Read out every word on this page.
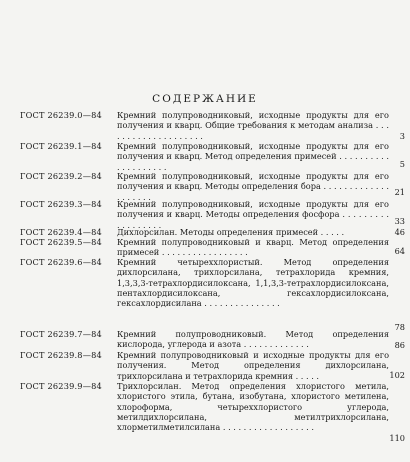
СОДЕРЖАНИЕ
ГОСТ 26239.0—84 Кремний полупроводниковый, исходные продукты для его получения и кварц. Общие требования к методам анализа . . . . . . . . . . . . . . . . . . . .	3
ГОСТ 26239.1—84 Кремний полупроводниковый, исходные продукты для его получения и кварц. Метод определения примесей . . . . . . . . . . . . . . . . . . . .	5
ГОСТ 26239.2—84 Кремний полупроводниковый, исходные продукты для его получения и кварц. Методы определения бора . . . . . . . . . . . . . . . . . . . .	21
ГОСТ 26239.3—84 Кремний полупроводниковый, исходные продукты для его получения и кварц. Методы определения фосфора . . . . . . . . . . . . . . . . . .	33
ГОСТ 26239.4—84 Дихлорсилан. Методы определения примесей . . . . .	46
ГОСТ 26239.5—84 Кремний полупроводниковый и кварц. Метод определения примесей . . . . . . . . . . . . . . . . .	64
ГОСТ 26239.6—84 Кремний четыреххлористый. Метод определения дихлорсилана, трихлорсилана, тетрахлорида кремния, 1,3,3,3-тетрахлордисилоксана, 1,1,3,3-тетрахлордисилоксана, пентахлордисилоксана, гексахлордисилоксана, гексахлордисилана . . . . . . . . . . . . . . .
78
ГОСТ 26239.7—84 Кремний полупроводниковый. Метод определения кислорода, углерода и азота . . . . . . . . . . . . .	86
ГОСТ 26239.8—84 Кремний полупроводниковый и исходные продукты для его получения. Метод определения дихлорсилана, трихлорсилана и тетрахлорида кремния . . . . .	102
ГОСТ 26239.9—84 Трихлорсилан. Метод определения хлористого метила, хлористого этила, бутана, изобутана, хлористого метилена, хлороформа, четыреххлористого углерода, метилдихлорсилана, метилтрихлорсилана, хлорметилметилсилана . . . . . . . . . . . . . . . . . .
110
